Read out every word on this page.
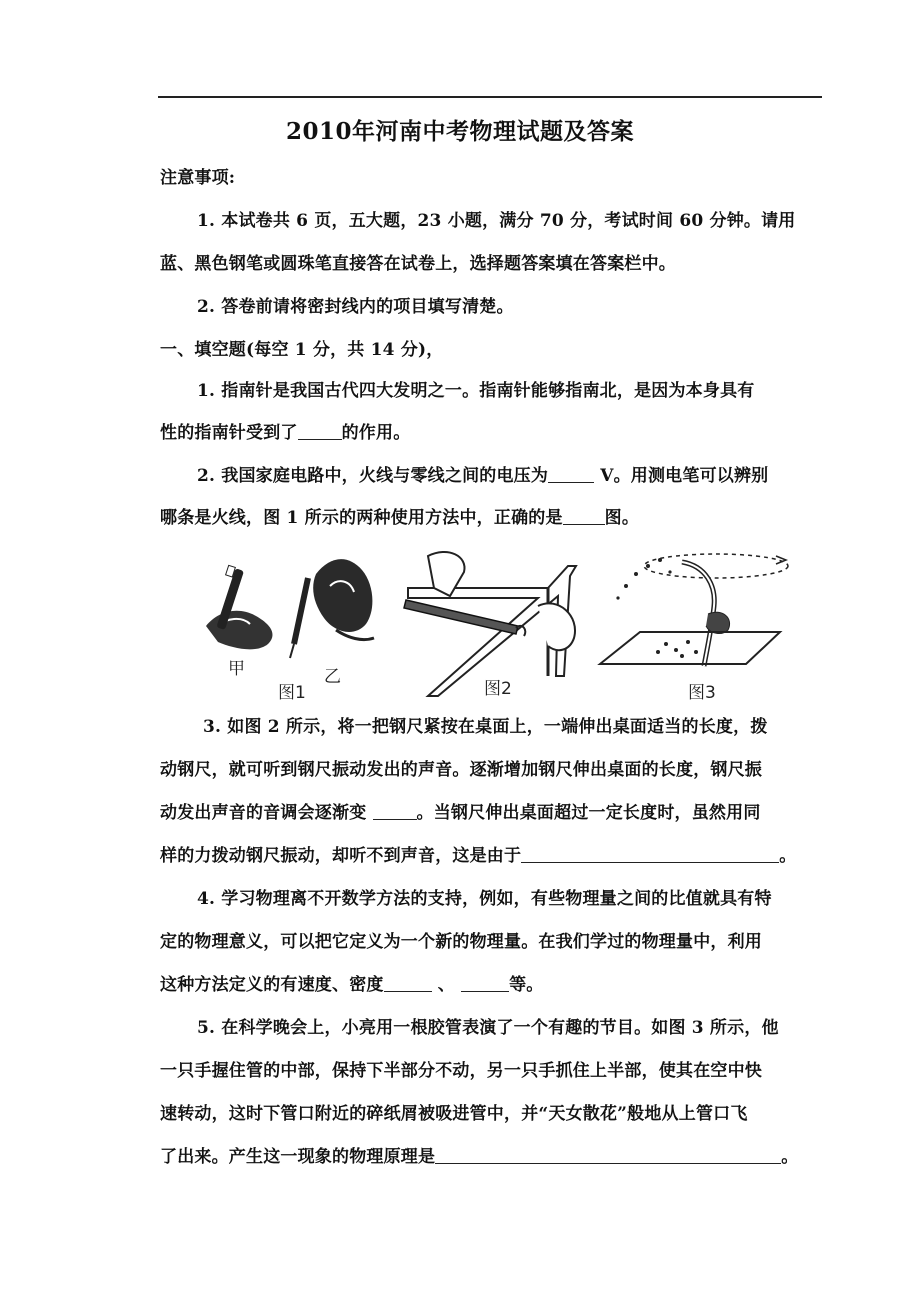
2010年河南中考物理试题及答案
注意事项:
1. 本试卷共 6 页，五大题，23 小题，满分 70 分，考试时间 60 分钟。请用
蓝、黑色钢笔或圆珠笔直接答在试卷上，选择题答案填在答案栏中。
2. 答卷前请将密封线内的项目填写清楚。
一、填空题(每空 1 分，共 14 分)，
1. 指南针是我国古代四大发明之一。指南针能够指南北，是因为本身具有
性的指南针受到了	的作用。
2. 我国家庭电路中，火线与零线之间的电压为	V。用测电笔可以辨别
哪条是火线，图 1 所示的两种使用方法中，正确的是 图。
甲	乙
图1	图2	图3
3. 如图 2 所示，将一把钢尺紧按在桌面上，一端伸出桌面适当的长度，拨
动钢尺，就可听到钢尺振动发出的声音。逐渐增加钢尺伸出桌面的长度，钢尺振
动发出声音的音调会逐渐变	。当钢尺伸出桌面超过一定长度时，虽然用同
样的力拨动钢尺振动，却听不到声音，这是由于	。
4. 学习物理离不开数学方法的支持，例如，有些物理量之间的比值就具有特
定的物理意义，可以把它定义为一个新的物理量。在我们学过的物理量中，利用
这种方法定义的有速度、密度	、	等。
5. 在科学晚会上，小亮用一根胶管表演了一个有趣的节目。如图 3 所示，他
一只手握住管的中部，保持下半部分不动，另一只手抓住上半部，使其在空中快
速转动，这时下管口附近的碎纸屑被吸进管中，并“天女散花”般地从上管口飞
了出来。产生这一现象的物理原理是	。
